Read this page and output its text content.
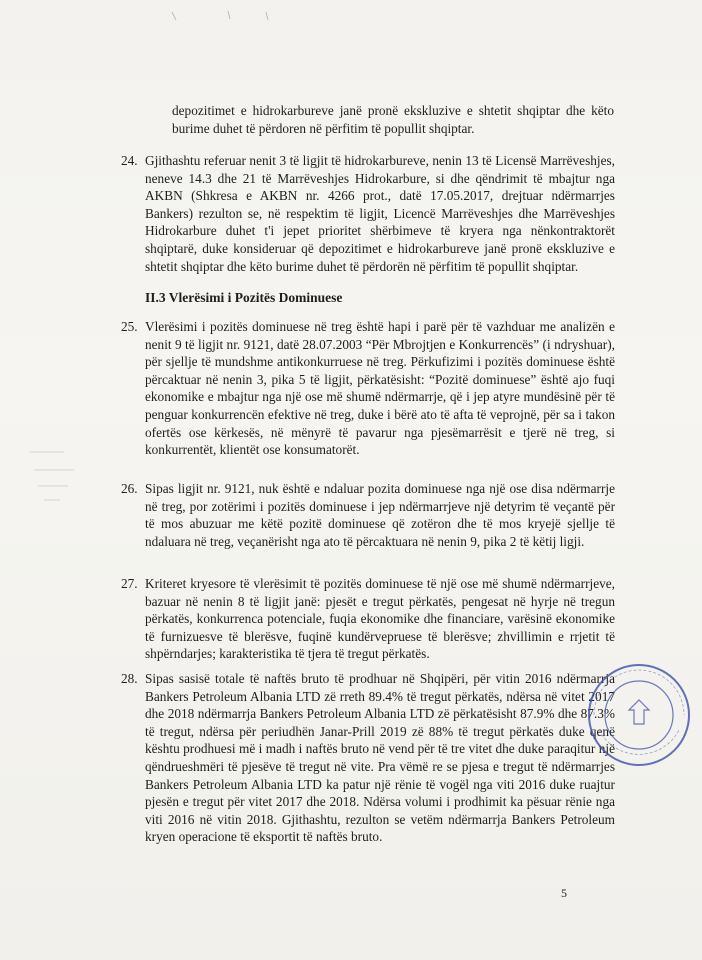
depozitimet e hidrokarbureve janë pronë ekskluzive e shtetit shqiptar dhe këto burime duhet të përdoren në përfitim të popullit shqiptar.
24. Gjithashtu referuar nenit 3 të ligjit të hidrokarbureve, nenin 13 të Licensë Marrëveshjes, neneve 14.3 dhe 21 të Marrëveshjes Hidrokarbure, si dhe qëndrimit të mbajtur nga AKBN (Shkresa e AKBN nr. 4266 prot., datë 17.05.2017, drejtuar ndërmarrjes Bankers) rezulton se, në respektim të ligjit, Licencë Marrëveshjes dhe Marrëveshjes Hidrokarbure duhet t'i jepet prioritet shërbimeve të kryera nga nënkontraktorët shqiptarë, duke konsideruar që depozitimet e hidrokarbureve janë pronë ekskluzive e shtetit shqiptar dhe këto burime duhet të përdorën në përfitim të popullit shqiptar.
II.3 Vlerësimi i Pozitës Dominuese
25. Vlerësimi i pozitës dominuese në treg është hapi i parë për të vazhduar me analizën e nenit 9 të ligjit nr. 9121, datë 28.07.2003 “Për Mbrojtjen e Konkurrencës” (i ndryshuar), për sjellje të mundshme antikonkurruese në treg. Përkufizimi i pozitës dominuese është përcaktuar në nenin 3, pika 5 të ligjit, përkatësisht: “Pozitë dominuese” është ajo fuqi ekonomike e mbajtur nga një ose më shumë ndërmarrje, që i jep atyre mundësinë për të penguar konkurrencën efektive në treg, duke i bërë ato të afta të veprojnë, për sa i takon ofertës ose kërkesës, në mënyrë të pavarur nga pjesëmarrësit e tjerë në treg, si konkurrentët, klientët ose konsumatorët.
26. Sipas ligjit nr. 9121, nuk është e ndaluar pozita dominuese nga një ose disa ndërmarrje në treg, por zotërimi i pozitës dominuese i jep ndërmarrjeve një detyrim të veçantë për të mos abuzuar me këtë pozitë dominuese që zotëron dhe të mos kryejë sjellje të ndaluara në treg, veçanërisht nga ato të përcaktuara në nenin 9, pika 2 të këtij ligji.
27. Kriteret kryesore të vlerësimit të pozitës dominuese të një ose më shumë ndërmarrjeve, bazuar në nenin 8 të ligjit janë: pjesët e tregut përkatës, pengesat në hyrje në tregun përkatës, konkurrenca potenciale, fuqia ekonomike dhe financiare, varësinë ekonomike të furnizuesve të blerësve, fuqinë kundërvepruese të blerësve; zhvillimin e rrjetit të shpërndarjes; karakteristika të tjera të tregut përkatës.
28. Sipas sasisë totale të naftës bruto të prodhuar në Shqipëri, për vitin 2016 ndërmarrja Bankers Petroleum Albania LTD zë rreth 89.4% të tregut përkatës, ndërsa në vitet 2017 dhe 2018 ndërmarrja Bankers Petroleum Albania LTD zë përkatësisht 87.9% dhe 87.3% të tregut, ndërsa për periudhën Janar-Prill 2019 zë 88% të tregut përkatës duke qenë kështu prodhuesi më i madh i naftës bruto në vend për të tre vitet dhe duke paraqitur një qëndrueshmëri të pjesëve të tregut në vite. Pra vëmë re se pjesa e tregut të ndërmarrjes Bankers Petroleum Albania LTD ka patur një rënie të vogël nga viti 2016 duke ruajtur pjesën e tregut për vitet 2017 dhe 2018. Ndërsa volumi i prodhimit ka pësuar rënie nga viti 2016 në vitin 2018. Gjithashtu, rezulton se vetëm ndërmarrja Bankers Petroleum kryen operacione të eksportit të naftës bruto.
5
